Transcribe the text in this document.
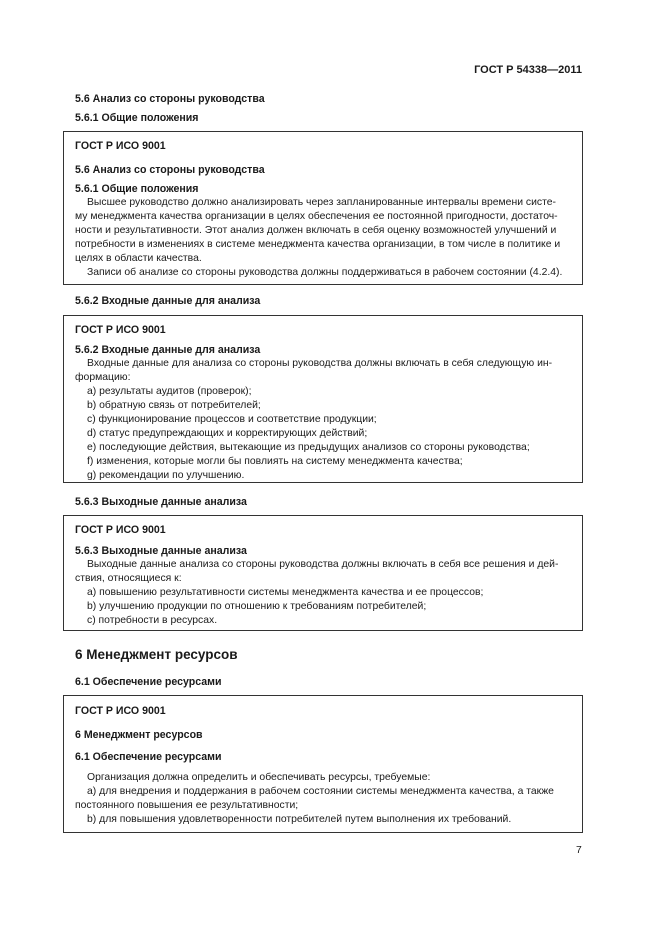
ГОСТ Р 54338—2011
5.6 Анализ со стороны руководства
5.6.1 Общие положения
ГОСТ Р ИСО 9001
5.6 Анализ со стороны руководства
5.6.1 Общие положения
Высшее руководство должно анализировать через запланированные интервалы времени систе-
му менеджмента качества организации в целях обеспечения ее постоянной пригодности, достаточ-
ности и результативности. Этот анализ должен включать в себя оценку возможностей улучшений и
потребности в изменениях в системе менеджмента качества организации, в том числе в политике и
целях в области качества.
Записи об анализе со стороны руководства должны поддерживаться в рабочем состоянии (4.2.4).
5.6.2 Входные данные для анализа
ГОСТ Р ИСО 9001
5.6.2 Входные данные для анализа
Входные данные для анализа со стороны руководства должны включать в себя следующую ин-
формацию:
a) результаты аудитов (проверок);
b) обратную связь от потребителей;
c) функционирование процессов и соответствие продукции;
d) статус предупреждающих и корректирующих действий;
e) последующие действия, вытекающие из предыдущих анализов со стороны руководства;
f) изменения, которые могли бы повлиять на систему менеджмента качества;
g) рекомендации по улучшению.
5.6.3 Выходные данные анализа
ГОСТ Р ИСО 9001
5.6.3 Выходные данные анализа
Выходные данные анализа со стороны руководства должны включать в себя все решения и дей-
ствия, относящиеся к:
a) повышению результативности системы менеджмента качества и ее процессов;
b) улучшению продукции по отношению к требованиям потребителей;
c) потребности в ресурсах.
6 Менеджмент ресурсов
6.1 Обеспечение ресурсами
ГОСТ Р ИСО 9001
6 Менеджмент ресурсов
6.1 Обеспечение ресурсами
Организация должна определить и обеспечивать ресурсы, требуемые:
a) для внедрения и поддержания в рабочем состоянии системы менеджмента качества, а также
постоянного повышения ее результативности;
b) для повышения удовлетворенности потребителей путем выполнения их требований.
7
